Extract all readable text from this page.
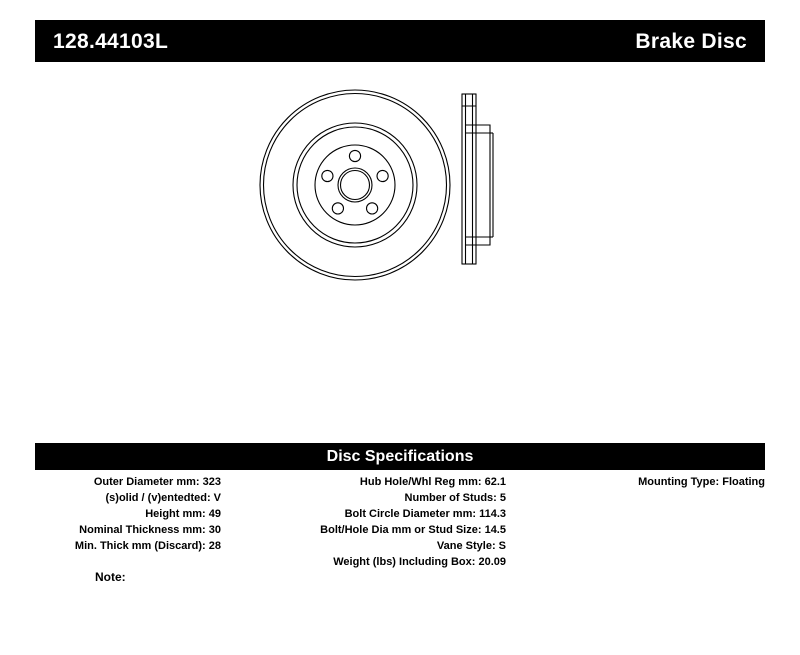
128.44103L	Brake Disc
Disc Specifications
Outer Diameter mm: 323
(s)olid / (v)entedted: V
Height mm: 49
Nominal Thickness mm: 30
Min. Thick mm (Discard): 28
Hub Hole/Whl Reg mm: 62.1
Number of Studs: 5
Bolt Circle Diameter mm: 114.3
Bolt/Hole Dia mm or Stud Size: 14.5
Vane Style: S
Weight (lbs) Including Box: 20.09
Mounting Type: Floating
Note:
